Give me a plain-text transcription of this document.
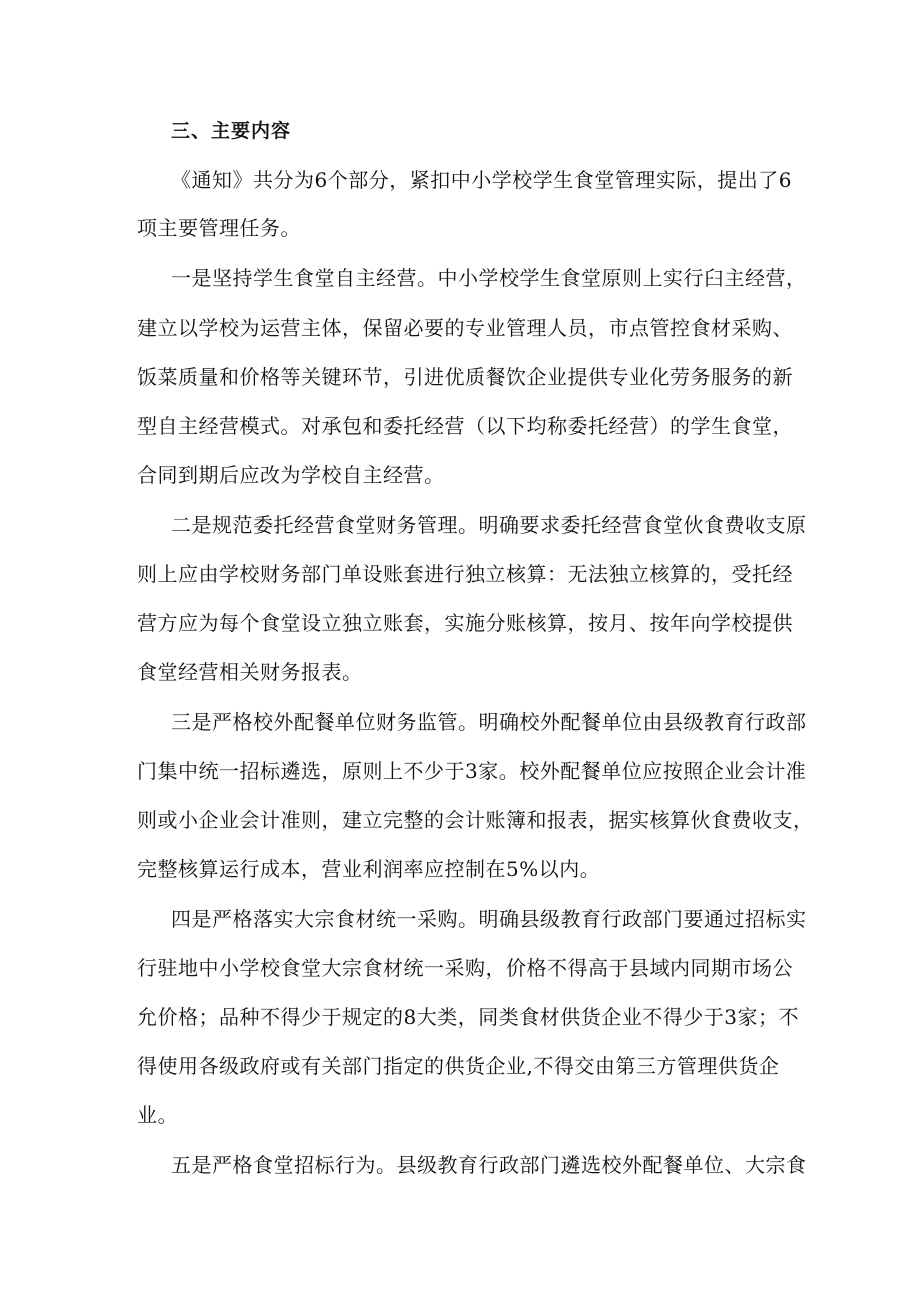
三、主要内容
《通知》共分为6个部分，紧扣中小学校学生食堂管理实际，提出了6
项主要管理任务。
一是坚持学生食堂自主经营。中小学校学生食堂原则上实行臼主经营，
建立以学校为运营主体，保留必要的专业管理人员，市点管控食材采购、
饭菜质量和价格等关键环节，引进优质餐饮企业提供专业化劳务服务的新
型自主经营模式。对承包和委托经营（以下均称委托经营）的学生食堂，
合同到期后应改为学校自主经营。
二是规范委托经营食堂财务管理。明确要求委托经营食堂伙食费收支原
则上应由学校财务部门单设账套进行独立核算：无法独立核算的，受托经
营方应为每个食堂设立独立账套，实施分账核算，按月、按年向学校提供
食堂经营相关财务报表。
三是严格校外配餐单位财务监管。明确校外配餐单位由县级教育行政部
门集中统一招标遴选，原则上不少于3家。校外配餐单位应按照企业会计准
则或小企业会计准则，建立完整的会计账簿和报表，据实核算伙食费收支，
完整核算运行成本，营业利润率应控制在5%以内。
四是严格落实大宗食材统一采购。明确县级教育行政部门要通过招标实
行驻地中小学校食堂大宗食材统一采购，价格不得高于县域内同期市场公
允价格；品种不得少于规定的8大类，同类食材供货企业不得少于3家；不
得使用各级政府或有关部门指定的供货企业,不得交由第三方管理供货企
业。
五是严格食堂招标行为。县级教育行政部门遴选校外配餐单位、大宗食
